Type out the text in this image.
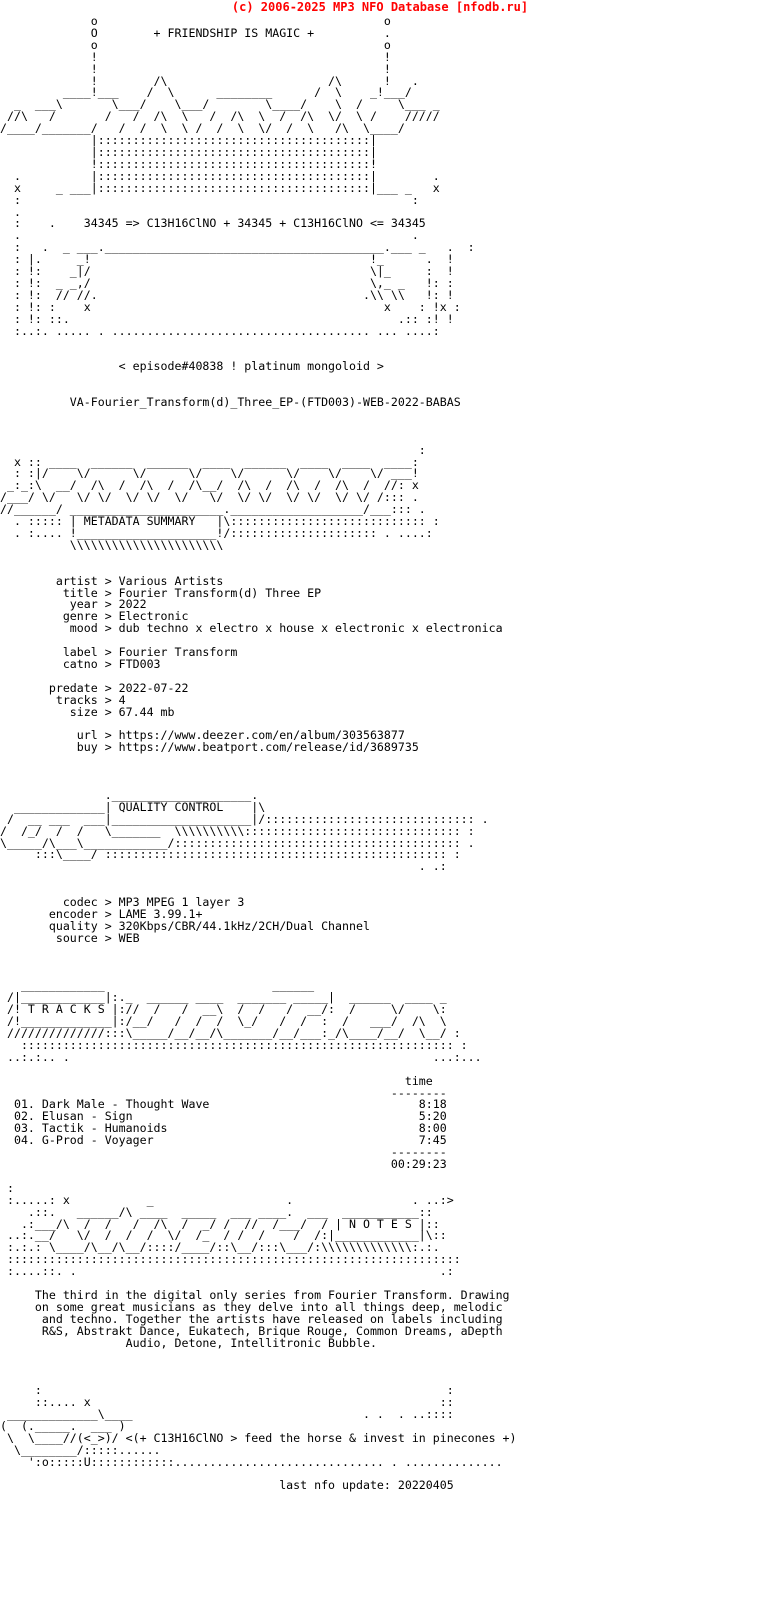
(c) 2006-2025 MP3 NFO Database [nfodb.ru]
o                                         o
O        + FRIENDSHIP IS MAGIC +          .
o                                         o
!                                         !
!                                         !
!        /\                       /\      !   .
____!___    /  \      ________      /  \    _!___/
_  ___\       \___/    \___/        \____/    \  /     \___ _
//\   /       /   /  /\  \   /  /\  \  /  /\  \/  \ /    /////
/____/_______/   /  /  \  \ /  /  \  \/  /  \   /\  \____/
|:::::::::::::::::::::::::::::::::::::::|
|:::::::::::::::::::::::::::::::::::::::|
!:::::::::::::::::::::::::::::::::::::::!
.          |:::::::::::::::::::::::::::::::::::::::|        .
x     _ ___|:::::::::::::::::::::::::::::::::::::::|___ _   x
:                                                        :
.
:    .    34345 => C13H16ClNO + 34345 + C13H16ClNO <= 34345
.                                                        .
:   .  _ ___.________________________________________.___ _   .  :
: |.     _!                                        !_      .  !
: !:    _|/                                        \|_     :  !
: !:  _ _,/                                        \,_ _   !: :
: !:  // //.                                      .\\ \\   !: !
: !: :    x                                          x    : !x :
: !: ::.                                               .:: :! !
:..:. ..... . ..................................... ... ....:

< episode#40838 ! platinum mongoloid >

VA-Fourier_Transform(d)_Three_EP-(FTD003)-WEB-2022-BABAS

:
x :: ____  ______  ______  ____  ______  ____  ____  ____:
: :|/    \/      \/      \/    \/      \/    \/    \/ ___!
_:_:\  __/  /\  /  /\  /  /\__/  /\  /  /\  /  /\  /  //: x
/___/ \/   \/ \/  \/ \/  \/   \/  \/ \/  \/ \/  \/ \/ /::: .
//______/ ______________________.___________________/___::: .
. ::::: | METADATA SUMMARY   |\:::::::::::::::::::::::::::: :
. :.... !____________________!/::::::::::::::::::::: . ....:
\\\\\\\\\\\\\\\\\\\\\\

artist > Various Artists
title > Fourier Transform(d) Three EP
year > 2022
genre > Electronic
mood > dub techno x electro x house x electronic x electronica

label > Fourier Transform
catno > FTD003

predate > 2022-07-22
tracks > 4
size > 67.44 mb

url > https://www.deezer.com/en/album/303563877
buy > https://www.beatport.com/release/id/3689735

.____________________.
_____________| QUALITY CONTROL    |\
/  __ ___  ___|____________________|/:::::::::::::::::::::::::::::: .
/  /_/  /  /   \_______  \\\\\\\\\\::::::::::::::::::::::::::::::: :
\_____/\___\____________/::::::::::::::::::::::::::::::::::::::::: .
:::\____/ ::::::::::::::::::::::::::::::::::::::::::::::::: :
. .:

codec > MP3 MPEG 1 layer 3
encoder > LAME 3.99.1+
quality > 320Kbps/CBR/44.1kHz/2CH/Dual Channel
source > WEB

____________                        ______
/|____________|:._  ______ ____  _______ _____|  ______  ____ _
/! T R A C K S |://  /   /  __\  /  /   /  __/:  /     \/    \:
/!_____________|:/__/   /  /  /  \_/   /  /  :  /   ___/  /\  \
//////////////:::\_____/__/__/\_______/__/___:_/\____/__/  \__/ :
:::::::::::::::::::::::::::::::::::::::::::::::::::::::::::::: :
..:.:.. .                                                    ...:...

time
--------
01. Dark Male - Thought Wave                              8:18
02. Elusan - Sign                                         5:20
03. Tactik - Humanoids                                    8:00
04. G-Prod - Voyager                                      7:45
--------
00:29:23

:
:.....: x           _                   .                 . ..:>
.::.   ______/\ ____  _____  ___ ____.  ___  ___________::
.:___/\  /  /   /  /\  /  _/ /  //  /___/  / | N O T E S |::
..:.__/   \/  /  /  /  \/  /_  / /  /    /  /:|____________|\::
:.:.: \____/\__/\__/::::/____/::\__/:::\___/:\\\\\\\\\\\\\:.:.
:::::::::::::::::::::::::::::::::::::::::::::::::::::::::::::::::
:....::. .                                                    .:

The third in the digital only series from Fourier Transform. Drawing
on some great musicians as they delve into all things deep, melodic
and techno. Together the artists have released on labels including
R&S, Abstrakt Dance, Eukatech, Brique Rouge, Common Dreams, aDepth
Audio, Detone, Intellitronic Bubble.

:                                                          :
::.... x                                                  ::
_____________\____                                 . .  . ..::::
(  (._____.  ___ )
\  \____//(<_>)/ <(+ C13H16ClNO > feed the horse & invest in pinecones +)
\________/:::::......
':o:::::U::::::::::::.............................. . ..............

last nfo update: 20220405
